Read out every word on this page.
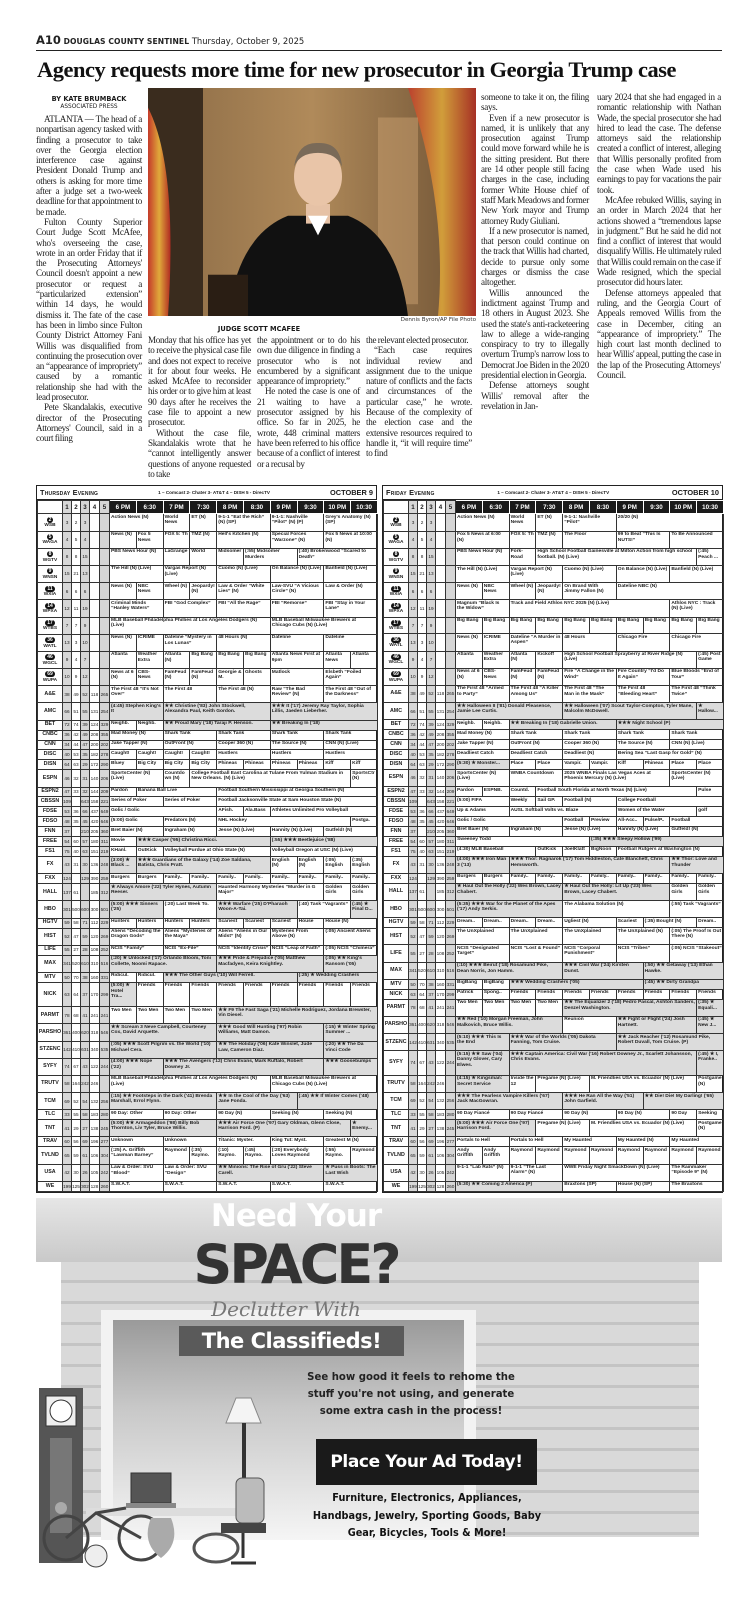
A10 DOUGLAS COUNTY SENTINEL Thursday, October 9, 2025
Agency requests more time for new prosecutor in Georgia Trump case
BY KATE BRUMBACK
ASSOCIATED PRESS
Dennis Byron/AP File Photo
JUDGE SCOTT MCAFEE

ATLANTA — The head of a nonpartisan agency tasked with finding a prosecutor to take over the Georgia election interference case against President Donald Trump and others is asking for more time after a judge set a two-week deadline for that appointment to be made.

Fulton County Superior Court Judge Scott McAfee, who's overseeing the case, wrote in an order Friday that if the Prosecuting Attorneys' Council doesn't appoint a new prosecutor or request a “particularized extension” within 14 days, he would dismiss it. The fate of the case has been in limbo since Fulton County District Attorney Fani Willis was disqualified from continuing the prosecution over an “appearance of impropriety” caused by a romantic relationship she had with the lead prosecutor.

Pete Skandalakis, executive director of the Prosecuting Attorneys' Council, said in a court filing

Monday that his office has yet to receive the physical case file and does not expect to receive it for about four weeks. He asked McAfee to reconsider his order or to give him at least 90 days after he receives the case file to appoint a new prosecutor.

Without the case file, Skandalakis wrote that he “cannot intelligently answer questions of anyone requested to take

the appointment or to do his own due diligence in finding a prosecutor who is not encumbered by a significant appearance of impropriety.”

He noted the case is one of 21 waiting to have a prosecutor assigned by his office. So far in 2025, he wrote, 448 criminal matters have been referred to his office because of a conflict of interest or a recusal by

the relevant elected prosecutor.

“Each case requires individual review and assignment due to the unique nature of conflicts and the facts and circumstances of the particular case,” he wrote. Because of the complexity of the election case and the extensive resources required to handle it, “it will require time” to find

someone to take it on, the filing says.

Even if a new prosecutor is named, it is unlikely that any prosecution against Trump could move forward while he is the sitting president. But there are 14 other people still facing charges in the case, including former White House chief of staff Mark Meadows and former New York mayor and Trump attorney Rudy Giuliani.

If a new prosecutor is named, that person could continue on the track that Willis had charted, decide to pursue only some charges or dismiss the case altogether.

Willis announced the indictment against Trump and 18 others in August 2023. She used the state's anti-racketeering law to allege a wide-ranging conspiracy to try to illegally overturn Trump's narrow loss to Democrat Joe Biden in the 2020 presidential election in Georgia.

Defense attorneys sought Willis' removal after the revelation in Jan-

uary 2024 that she had engaged in a romantic relationship with Nathan Wade, the special prosecutor she had hired to lead the case. The defense attorneys said the relationship created a conflict of interest, alleging that Willis personally profited from the case when Wade used his earnings to pay for vacations the pair took.

McAfee rebuked Willis, saying in an order in March 2024 that her actions showed a “tremendous lapse in judgment.” But he said he did not find a conflict of interest that would disqualify Willis. He ultimately ruled that Willis could remain on the case if Wade resigned, which the special prosecutor did hours later.

Defense attorneys appealed that ruling, and the Georgia Court of Appeals removed Willis from the case in December, citing an “appearance of impropriety.” The high court last month declined to hear Willis' appeal, putting the case in the lap of the Prosecuting Attorneys' Council.

Thursday Evening	1 – Comcast 2- Chater 3- AT&T 4 – DISH 5 - DirecTV	OCTOBER 9
	1	2	3	4	5	6 PM	6:30	7 PM	7:30	8 PM	8:30	9 PM	9:30	10 PM	10:30
2
WSB	3	2	3			Action News (N)		World News	ET (N)	9-1-1 “Eat the Rich” (N) (SP)		9-1-1: Nashville “Pilot” (N) (P)		Grey's Anatomy (N) (SP)	
5
WAGA	4	5	4			News (N)	Fox 5 News	FOX 5: Th	TMZ (N)	Hell's Kitchen (N)		Special Forces “Warzone” (N)		Fox 5 News at 10:00 (N)	
8
WGTV	8	8	15			PBS News Hour (N)		LaGrange	World	Midsomer	(:55) Midsomer Murders		(:40) Brokenwood “Scared to Death”		
9
WNSN	15	21	13			The Hill (N) (Live)		Vargas Report (N) (Live)		Cuomo (N) (Live)		On Balance (N) (Live)		Banfield (N) (Live)	
11
WXIA	6	6	6			News (N)	NBC News	Wheel (N)	Jeopardy! (N)	Law & Order “White Lies” (N)		Law-SVU “A Vicious Circle” (N)		Law & Order (N)	
14
WPXA	12	11	19			Criminal Minds “Hanley Waters”		FBI “God Complex”		FBI “All the Rage”		FBI “Remorse”		FBI “Stay in Your Lane”	
17
WTBS	7	7	9			MLB Baseball Philadelphia Phillies at Los Angeles Dodgers (N) (Live)						MLB Baseball Milwaukee Brewers at Chicago Cubs (N) (Live)			
36
WATL	13	3	10			News (N)	ICRIME	Dateline “Mystery in Los Lunas”		48 Hours (N)		Dateline		Dateline	
46
WGCL	9	4	7			Atlanta	Weather Extra	Atlanta (N)	Big Bang	Big Bang	Big Bang	Atlanta News First at 9pm		Atlanta News	Atlanta
69
WUPA	10	9	12			News at 6 (N)	CBS-News	FamFeud (N)	FamFeud (N)	Georgie & M.	Ghosts	Matlock		Elsbeth “Foiled Again”	
A&E	38	49	52	118	265	The First 48 “It's Not Over”		The First 48		The First 48 (N)		Raw “The Bad Review” (N)		The First 48 “Out of the Darkness”	
AMC	66	51	55	131	254	(4:45) Stephen King's It		★★ Christine ('83) John Stockwell, Alexandra Paul, Keith Gordon.				★★★ It ('17) Jeremy Ray Taylor, Sophia Lillis, Jaeden Lieberher.			
BET	72	74	39	124	329	Neighb.	Neighb.	★★ Proud Mary ('18) Taraji P. Henson.				★★ Breaking In ('18)			
CNBC	36	42	49	208	355	Mad Money (N)		Shark Tank		Shark Tank		Shark Tank		Shark Tank	
CNN	34	44	47	200	202	Jake Tapper (N)		OutFront (N)		Cooper 360 (N)		The Source (N)		CNN (N) (Live)	
DISC	40	53	35	182	278	Caught!	Caught!	Caught!	Caught!	Hustlers		Hustlers		Hustlers	
DISN	64	63	29	172	290	Bluey	Big City	Big City	Big City	Phineas	Phineas	Phineas	Phineas	Kiff	Kiff
ESPN	46	32	31	140	206	SportsCenter (N) (Live)		Countdown (N)	College Football East Carolina at Tulane From Yulman Stadium in New Orleans. (N) (Live)						SportsCtr (N)
ESPN2	47	33	32	144	209	Pardon	Banana Ball Live			Football Southern Mississippi at Georgia Southern (N)					
CBSSN	109		643	158	221	Series of Poker		Series of Poker		Football Jacksonville State at Sam Houston State (N)					
FDSE	53	36	66	437	649	Golic / Golic				AFish.	Ala.Bass	Athletes Unlimited Pro Volleyball			
FDSO	48	35	45	420	646	(5:00) Golic		Predators (N)		NHL Hockey					Postga.
FNN	37		210	205	360	Bret Baier (N)		Ingraham (N)		Jesse (N) (Live)		Hannity (N) (Live)		Gutfeld! (N)	
FREE	54	60	57	180	311	Movie	★★★ Casper ('95) Christina Ricci.					(:55) ★★★ Beetlejuice ('88)			
FS1	75	40	63	151	219	KHanl.	OutKick	Volleyball Purdue at Ohio State (N)				Volleyball Oregon at USC (N) (Live)			
FX	43	31	30	136	248	(3:00) ★ Black ...	★★★ Guardians of the Galaxy ('14) Zoe Saldana, Batista, Chris Pratt.					English (N)	English (N)	(:05) English	(:35) English
FXX	124		129	390	259	Burgers	Burgers	Family..	Family..	Family..	Family..	Family..	Family..	Family..	Family..
HALL	137	61		185	312	★ Always Amore ('22) Tyler Hynes, Autumn Reeser.				Haunted Harmony Mysteries “Murder in G Major”				Golden Girls	Golden Girls
HBO	301	500	600	300	501	(5:00) ★★★ Sinners ('25)		(:20) Last Week To.		★★★ Warfare ('25) D'Pharaoh Woon-A-Tai.			(:40) Task “Vagrants”		(:45) ★ Final D...
HGTV	59	58	71	112	229	Hunters	Hunters	Hunters	Hunters	Scariest	Scariest	Scariest	House	House (N)	
HIST	52	47	59	120	269	Aliens “Decoding the Dragon Gods”		Aliens “Mysteries of the Maya”		Aliens “Aliens in Our Midst” (N)		Mysteries From Above (N)		(:05) Ancient Aliens	
LIFE	55	27	28	108	252	NCIS “Family”		NCIS “Ex-File”		NCIS “Identity Crisis”		NCIS “Leap of Faith”		(:05) NCIS “Chimera”	
MAX	341	520	610	310	516	(:20) ★ Unlocked ('17) Orlando Bloom, Toni Collette, Noomi Rapace.				★★★ Pride & Prejudice ('05) Matthew Macfadyen, Keira Knightley.				(:05) ★★ King's Ransom ('05)	
MTV	50	70	38	160	331	Ridicul.	Ridicul.	★★★ The Other Guys ('10) Will Ferrell.					(:25) ★ Wedding Crashers		
NICK	63	64	37	170	299	(5:00) ★ Hotel Tra...	Friends	Friends	Friends	Friends	Friends	Friends	Friends	Friends	Friends
PARMT	78	68	41	241	241	Two Men	Two Men	Two Men	Two Men	★★ F9 The Fast Saga ('21) Michelle Rodriguez, Jordana Brewster, Vin Diesel.					
PARSHO	361	400	620	318	546	★★ Scream 3 Neve Campbell, Courteney Cox, David Arquette.				★★★ Good Will Hunting ('97) Robin Williams, Matt Damon.				(:15) ★ Winter Spring Summer ...	
STZENC	142	410	631	340	535	(:05) ★★★ Scott Pilgrim vs. the World ('10) Michael Cera.				★★ The Holiday ('06) Kate Winslet, Jude Law, Cameron Diaz.				(:20) ★★ The Da Vinci Code	
SYFY	74	67	43	122	244	(4:00) ★★★ Nope ('22)		★★★ The Avengers ('12) Chris Evans, Mark Ruffalo, Robert Downey Jr.						★★★ Goosebumps	
TRUTV	58	164	242	246		MLB Baseball Philadelphia Phillies at Los Angeles Dodgers (N) (Live)						MLB Baseball Milwaukee Brewers at Chicago Cubs (N) (Live)			
TCM	69	52	54	132	256	(:15) ★★ Footsteps in the Dark ('41) Brenda Marshall, Errol Flynn.				★★ In the Cool of the Day ('63) Jane Fonda.			(:45) ★★ If Winter Comes ('48)		
TLC	33	55	58	183	280	90 Day: Other		90 Day: Other		90 Day (N)		Seeking (N)		Seeking (N)	
TNT	41	29	27	138	245	(5:00) ★★ Armageddon ('98) Billy Bob Thornton, Liv Tyler, Bruce Willis.				★★★ Air Force One ('97) Gary Oldman, Glenn Close, Harrison Ford. (P)					★ Enemy...
TRAV	60	56	69	196	277	Unknown		Unknown		Titanic: Myster.		King Tut: Myst.		Greatest M (N)	
TVLND	65	59	61	106	304	(:25) A. Griffith “Lawman Barney”		Raymond	(:35) Raymo.	(:10) Raymo.	(:45) Raymo.	(:20) Everybody Loves Raymond		(:55) Raymo.	Raymond
USA	42	30	26	105	242	Law & Order: SVU “Blood”		Law & Order: SVU “Design”		★★ Minions: The Rise of Gru ('22) Steve Carell.				★ Puss in Boots: The Last Wish	
WE	199	125	302	128	260	S.W.A.T.		S.W.A.T.		S.W.A.T.		S.W.A.T.		S.W.A.T.	
Friday Evening	1 – Comcast 2- Chater 3- AT&T 4 – DISH 5 - DirecTV	OCTOBER 10
	1	2	3	4	5	6 PM	6:30	7 PM	7:30	8 PM	8:30	9 PM	9:30	10 PM	10:30
2
WSB	3	2	3			Action News (N)		World News	ET (N)	9-1-1: Nashville “Pilot”		20/20 (N)			
5
WAGA	4	5	4			Fox 5 News at 6:00 (N)		FOX 5: Th	TMZ (N)	The Floor		99 to Beat “This Is NUTS!”		To Be Announced	
8
WGTV	8	8	15			PBS News Hour (N)		Fork-Road	High School Football Gainesville at Milton Action from high school football. (N) (Live)						(:45) Peach ...
9
WNSN	15	21	13			The Hill (N) (Live)		Vargas Report (N) (Live)		Cuomo (N) (Live)		On Balance (N) (Live)		Banfield (N) (Live)	
11
WXIA	6	6	6			News (N)	NBC News	Wheel (N)	Jeopardy! (N)	On Brand With Jimmy Fallon (N)		Dateline NBC (N)			
14
WPXA	12	11	19			Magnum “Black Is the Widow”		Track and Field Athlos NYC 2025 (N) (Live)						Athlos NYC : Track (N) (Live)	
17
WTBS	7	7	9			Big Bang	Big Bang	Big Bang	Big Bang	Big Bang	Big Bang	Big Bang	Big Bang	Big Bang	Big Bang
36
WATL	13	3	10			News (N)	ICRIME	Dateline “A Murder in Aspen”		48 Hours		Chicago Fire		Chicago Fire	
46
WGCL	9	4	7			Atlanta	Weather Extra	Atlanta (N)	Kickoff	High School Football Sprayberry at River Ridge (N) (Live)					(:45) Post Game
69
WUPA	10	9	12			News at 6 (N)	CBS-News	FamFeud (N)	FamFeud (N)	Fire “A Change in the Wind”		Fire Country “I'd Do It Again”		Blue Bloods “End of Tour”	
A&E	38	49	52	118	265	The First 48 “Armed to Party”		The First 48 “A Killer Among Us”		The First 48 “The Man in the Mask”		The First 48 “Bleeding Heart”		The First 48 “Think Twice”	
AMC	66	51	55	131	254	★★ Halloween II ('81) Donald Pleasence, Jamie Lee Curtis.				★★ Halloween ('07) Scout Taylor-Compton, Tyler Mane, Malcolm McDowell.					★ Hallow...
BET	72	74	39	124	329	Neighb.	Neighb.	★★ Breaking In ('18) Gabrielle Union.				★★★ Night School (P)			
CNBC	36	42	49	208	355	Mad Money (N)		Shark Tank		Shark Tank		Shark Tank		Shark Tank	
CNN	34	44	47	200	202	Jake Tapper (N)		OutFront (N)		Cooper 360 (N)		The Source (N)		CNN (N) (Live)	
DISC	40	53	35	182	278	Deadliest Catch		Deadliest Catch		Deadliest (N)		Bering Sea “Last Gasp for Gold” (N)			
DISN	64	63	29	172	290	(5:30) ★ Monster...		Place	Place	Vampir.	Vampir.	Kiff	Phineas	Place	Place
ESPN	46	32	31	140	206	SportsCenter (N) (Live)		WNBA Countdown		2025 WNBA Finals Las Vegas Aces at Phoenix Mercury (N) (Live)				SportsCenter (N) (Live)	
ESPN2	47	33	32	144	209	Pardon	ESPNB.	Countd.	Football South Florida at North Texas (N) (Live)						Pulse
CBSSN	109		643	158	221	(5:00) FIFA		Weekly	Sail GP.	Football (N)		College Football			
FDSE	53	36	66	437	649	Up & Adams		AUSL Softball Volts vs. Blaze				Women of the Water			golf
FDSO	48	35	45	420	646	Golic / Golic				Football	Preview	All-Acc..	Pulse/P..	Football	
FNN	37		210	205	360	Bret Baier (N)		Ingraham (N)		Jesse (N) (Live)		Hannity (N) (Live)		Gutfeld! (N)	
FREE	54	60	57	180	311	Sweeney Todd					(:35) ★★★ Sleepy Hollow ('99)				
FS1	75	40	63	151	219	(4:30) MLB Baseball			OutKick	JoelKlatt	BigNoon	Football Rutgers at Washington (N)			
FX	43	31	30	136	248	(4:00) ★★★ Iron Man 3 ('13)		★★★ Thor: Ragnarok ('17) Tom Hiddleston, Cate Blanchett, Chris Hemsworth.						★★ Thor: Love and Thunder	
FXX	124		129	390	259	Burgers	Burgers	Family..	Family..	Family..	Family..	Family..	Family..	Family..	Family..
HALL	137	61		185	312	★ Haul Out the Holly ('22) Wes Brown, Lacey Chabert.				★ Haul Out the Holly: Lit Up ('23) Wes Brown, Lacey Chabert.				Golden Girls	Golden Girls
HBO	301	500	600	300	501	(5:35) ★★★ War for the Planet of the Apes ('17) Andy Serkis.				The Alabama Solution (N)				(:55) Task “Vagrants”	
HGTV	59	58	71	112	229	Dream..	Dream..	Dream..	Dream..	Ugliest (N)		Scariest	(:35) Bought (N)		Dream..
HIST	52	47	59	120	269	The UnXplained		The UnXplained		The UnXplained		The UnXplained (N)		(:05) The Proof Is Out There (N)	
LIFE	55	27	28	108	252	NCIS “Designated Target”		NCIS “Lost & Found”		NCIS “Corporal Punishment”		NCIS “Tribes”		(:05) NCIS “Stakeout”	
MAX	341	520	610	310	516	(:10) ★★★ Beirut ('18) Rosamund Pike, Dean Norris, Jon Hamm.				★★★ Civil War ('24) Kirsten Dunst.			(:50) ★★ Getaway ('13) Ethan Hawke.		
MTV	50	70	38	160	331	BigBang	BigBang	★★★ Wedding Crashers ('05)					(:45) ★★ Dirty Grandpa		
NICK	63	64	37	170	299	Patrick	Spong..	Friends	Friends	Friends	Friends	Friends	Friends	Friends	Friends
PARMT	78	68	41	241	241	Two Men	Two Men	Two Men	Two Men	★★ The Equalizer 2 ('18) Pedro Pascal, Ashton Sanders, Denzel Washington.					(:35) ★ Equali...
PARSHO	361	400	620	318	546	★★ Red ('10) Morgan Freeman, John Malkovich, Bruce Willis.				Reunion		★★ Fight or Flight ('24) Josh Hartnett.			(:45) ★ New J...
STZENC	142	410	631	340	535	(5:10) ★★★ This Is the End		★★★ War of the Worlds ('05) Dakota Fanning, Tom Cruise.				★★ Jack Reacher ('12) Rosamund Pike, Robert Duvall, Tom Cruise. (P)			
SYFY	74	67	43	122	244	(5:15) ★★ Saw ('04) Danny Glover, Cary Elwes.		★★★ Captain America: Civil War ('16) Robert Downey Jr., Scarlett Johansson, Chris Evans.							(:45) ★ I, Franke..
TRUTV	58	164	242	246		(4:15) ★ Kingsman: Secret Service		Inside the 12	Pregame (N) (Live)		M. Friendlies USA vs. Ecuador (N) (Live)				Postgame (N)
TCM	69	52	54	132	256	★★★ The Fearless Vampire Killers ('67) Jack MacGowran.				★★★ He Ran All the Way ('51) John Garfield.			★★ Die! Die! My Darling! ('65)		
TLC	33	55	58	183	280	90 Day Fiancé		90 Day Fiancé		90 Day (N)		90 Day (N)		90 Day	Seeking
TNT	41	29	27	138	245	(5:00) ★★★ Air Force One ('97) Harrison Ford.			Pregame (N) (Live)		M. Friendlies USA vs. Ecuador (N) (Live)				Postgame (N)
TRAV	60	56	69	196	277	Portals to Hell		Portals to Hell		My Haunted		My Haunted (N)		My Haunted	
TVLND	65	59	61	106	304	Andy Griffith	Andy Griffith	Raymond	Raymond	Raymond	Raymond	Raymond	Raymond	Raymond	Raymond
USA	42	30	26	105	242	9-1-1 “Lab Rats” (N)		9-1-1 “The Last Alarm” (N)		WWE Friday Night SmackDown (N) (Live)				The Rainmaker “Episode 9” (N)	
WE	199	125	302	128	260	(5:30) ★★ Coming 2 America (P)				Braxtons (SP)		House (N) (SP)		The Braxtons	
Need Your
SPACE?
Declutter With
The Classifieds!
See how good it feels to rehome the stuff you're not using, and generate some extra cash in the process!
Place Your Ad Today!
Furniture, Electronics, Appliances, Handbags, Jewelry, Sporting Goods, Baby Gear, Bicycles, Tools & More!
